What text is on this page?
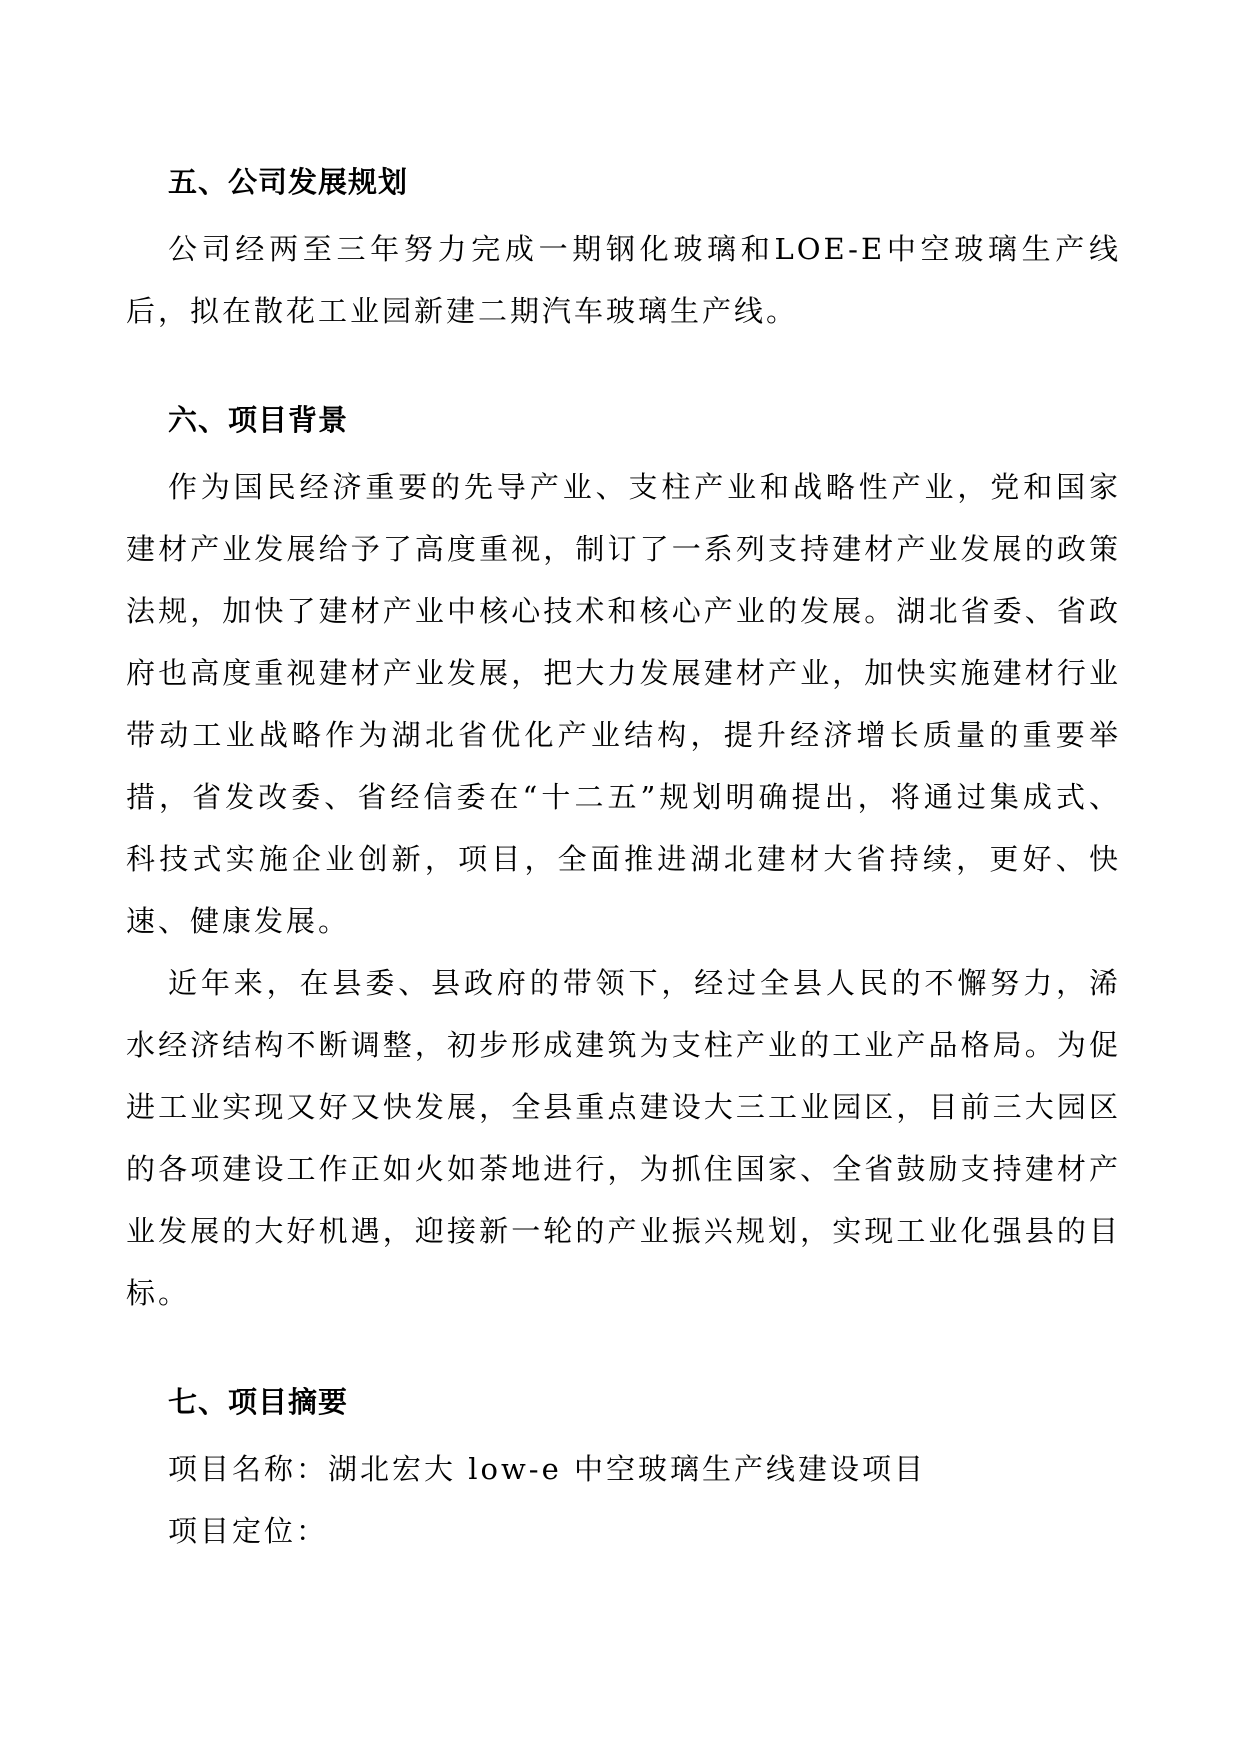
五、公司发展规划

公司经两至三年努力完成一期钢化玻璃和LOE-E中空玻璃生产线后，拟在散花工业园新建二期汽车玻璃生产线。

六、项目背景

作为国民经济重要的先导产业、支柱产业和战略性产业，党和国家建材产业发展给予了高度重视，制订了一系列支持建材产业发展的政策法规，加快了建材产业中核心技术和核心产业的发展。湖北省委、省政府也高度重视建材产业发展，把大力发展建材产业，加快实施建材行业带动工业战略作为湖北省优化产业结构，提升经济增长质量的重要举措，省发改委、省经信委在“十二五”规划明确提出，将通过集成式、科技式实施企业创新，项目，全面推进湖北建材大省持续，更好、快速、健康发展。

近年来，在县委、县政府的带领下，经过全县人民的不懈努力，浠水经济结构不断调整，初步形成建筑为支柱产业的工业产品格局。为促进工业实现又好又快发展，全县重点建设大三工业园区，目前三大园区的各项建设工作正如火如荼地进行，为抓住国家、全省鼓励支持建材产业发展的大好机遇，迎接新一轮的产业振兴规划，实现工业化强县的目标。

七、项目摘要

项目名称：湖北宏大 low-e 中空玻璃生产线建设项目

项目定位：
